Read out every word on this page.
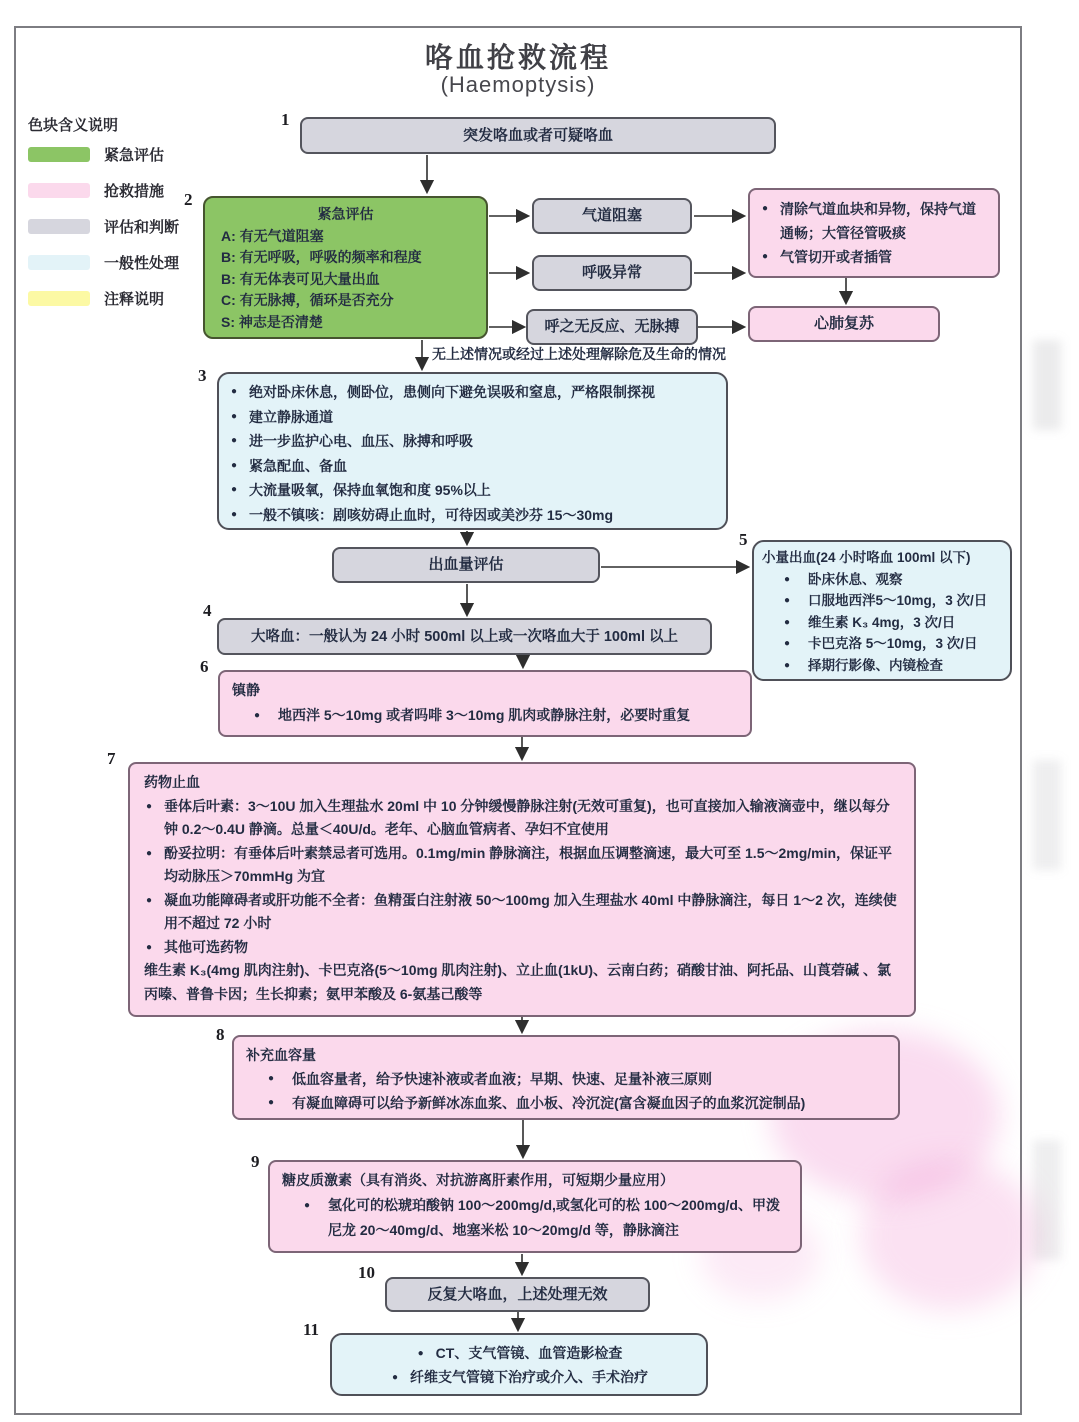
咯血抢救流程
(Haemoptysis)
色块含义说明
紧急评估
抢救措施
评估和判断
一般性处理
注释说明
1
2
3
4
5
6
7
8
9
10
11
突发咯血或者可疑咯血
紧急评估
A: 有无气道阻塞
B: 有无呼吸，呼吸的频率和程度
B: 有无体表可见大量出血
C: 有无脉搏，循环是否充分
S: 神志是否清楚
气道阻塞
呼吸异常
呼之无反应、无脉搏
● 清除气道血块和异物，保持气道通畅；大管径管吸痰
● 气管切开或者插管
心肺复苏
无上述情况或经过上述处理解除危及生命的情况
● 绝对卧床休息，侧卧位，患侧向下避免误吸和窒息，严格限制探视
● 建立静脉通道
● 进一步监护心电、血压、脉搏和呼吸
● 紧急配血、备血
● 大流量吸氧，保持血氧饱和度 95%以上
● 一般不镇咳：剧咳妨碍止血时，可待因或美沙芬 15～30mg
出血量评估
大咯血：一般认为 24 小时 500ml 以上或一次咯血大于 100ml 以上
小量出血(24 小时咯血 100ml 以下)
● 卧床休息、观察
● 口服地西泮5～10mg，3 次/日
● 维生素 K₃ 4mg，3 次/日
● 卡巴克洛 5～10mg，3 次/日
● 择期行影像、内镜检查
镇静
● 地西泮 5～10mg 或者吗啡 3～10mg 肌肉或静脉注射，必要时重复
药物止血
● 垂体后叶素：3～10U 加入生理盐水 20ml 中 10 分钟缓慢静脉注射(无效可重复)，也可直接加入输液滴壶中，继以每分钟 0.2～0.4U 静滴。总量＜40U/d。老年、心脑血管病者、孕妇不宜使用
● 酚妥拉明：有垂体后叶素禁忌者可选用。0.1mg/min 静脉滴注，根据血压调整滴速，最大可至 1.5～2mg/min，保证平均动脉压＞70mmHg 为宜
● 凝血功能障碍者或肝功能不全者：鱼精蛋白注射液 50～100mg 加入生理盐水 40ml 中静脉滴注，每日 1～2 次，连续使用不超过 72 小时
● 其他可选药物
维生素 K₃(4mg 肌肉注射)、卡巴克洛(5～10mg 肌肉注射)、立止血(1kU)、云南白药；硝酸甘油、阿托品、山莨菪碱 、氯丙嗪、普鲁卡因；生长抑素；氨甲苯酸及 6-氨基己酸等
补充血容量
● 低血容量者，给予快速补液或者血液；早期、快速、足量补液三原则
● 有凝血障碍可以给予新鲜冰冻血浆、血小板、冷沉淀(富含凝血因子的血浆沉淀制品)
糖皮质激素（具有消炎、对抗游离肝素作用，可短期少量应用）
● 氢化可的松琥珀酸钠 100～200mg/d,或氢化可的松 100～200mg/d、甲泼尼龙 20～40mg/d、地塞米松 10～20mg/d 等，静脉滴注
反复大咯血，上述处理无效
● CT、支气管镜、血管造影检查
● 纤维支气管镜下治疗或介入、手术治疗
